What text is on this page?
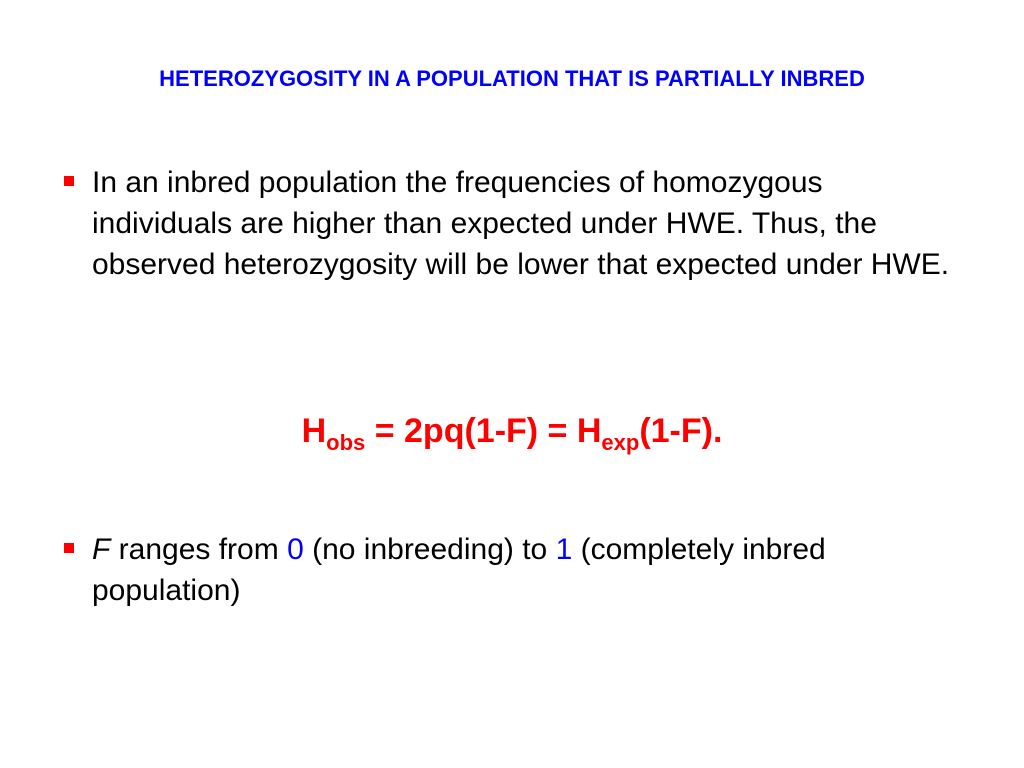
HETEROZYGOSITY IN A POPULATION THAT IS PARTIALLY INBRED
In an inbred population the frequencies of homozygous individuals are higher than expected under HWE. Thus, the observed heterozygosity will be lower that expected under HWE.
$H_{obs} = 2pq(1-F) = H_{exp}(1-F)$.
F ranges from 0 (no inbreeding) to 1 (completely inbred population)
